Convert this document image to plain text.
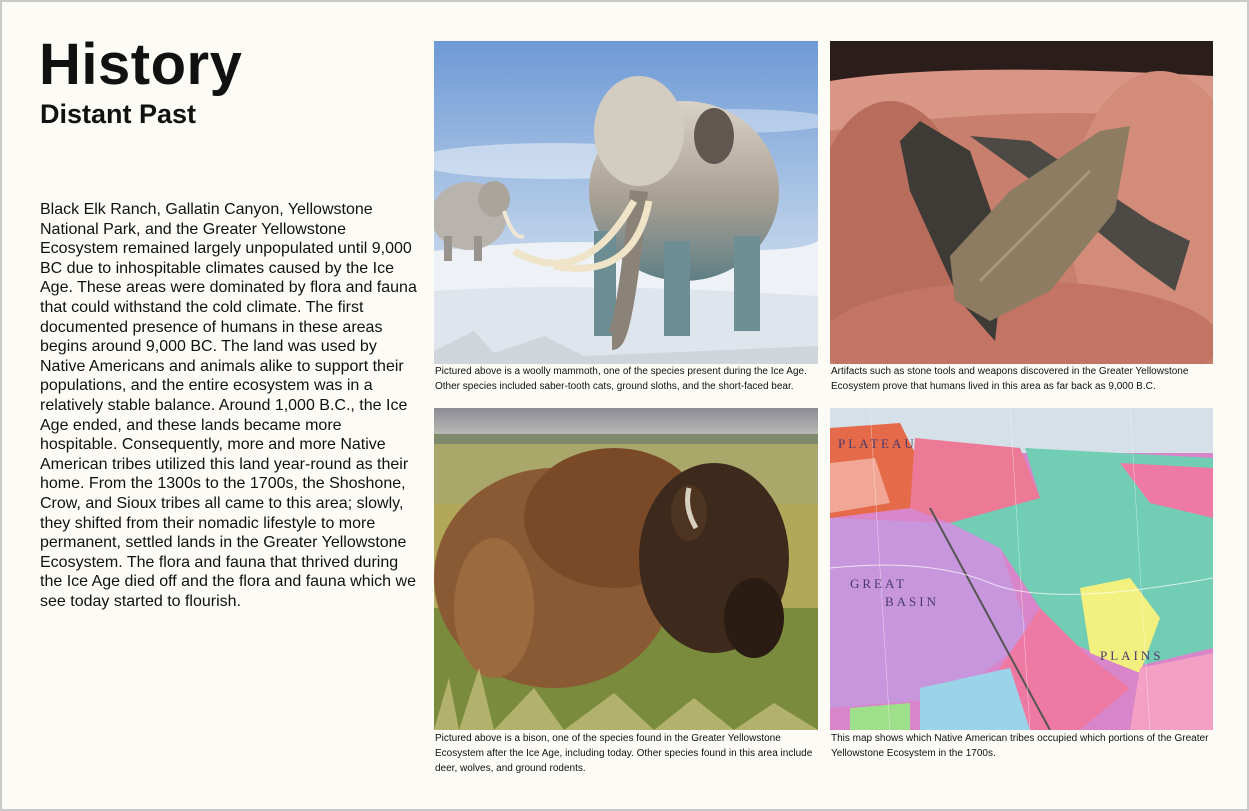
History
Distant Past

Black Elk Ranch, Gallatin Canyon, Yellowstone National Park, and the Greater Yellowstone Ecosystem remained largely unpopulated until 9,000 BC due to inhospitable climates caused by the Ice Age. These areas were dominated by flora and fauna that could withstand the cold climate. The first documented presence of humans in these areas begins around 9,000 BC. The land was used by Native Americans and animals alike to support their populations, and the entire ecosystem was in a relatively stable balance. Around 1,000 B.C., the Ice Age ended, and these lands became more hospitable. Consequently, more and more Native American tribes utilized this land year-round as their home. From the 1300s to the 1700s, the Shoshone, Crow, and Sioux tribes all came to this area; slowly, they shifted from their nomadic lifestyle to more permanent, settled lands in the Greater Yellowstone Ecosystem. The flora and fauna that thrived during the Ice Age died off and the flora and fauna which we see today started to flourish.

Pictured above is a woolly mammoth, one of the species present during the Ice Age. Other species included saber-tooth cats, ground sloths, and the short-faced bear.

Artifacts such as stone tools and weapons discovered in the Greater Yellowstone Ecosystem prove that humans lived in this area as far back as 9,000 B.C.

Pictured above is a bison, one of the species found in the Greater Yellowstone Ecosystem after the Ice Age, including today. Other species found in this area include deer, wolves, and ground rodents.

PLATEAU
GREAT
BASIN
PLAINS

This map shows which Native American tribes occupied which portions of the Greater Yellowstone Ecosystem in the 1700s.
